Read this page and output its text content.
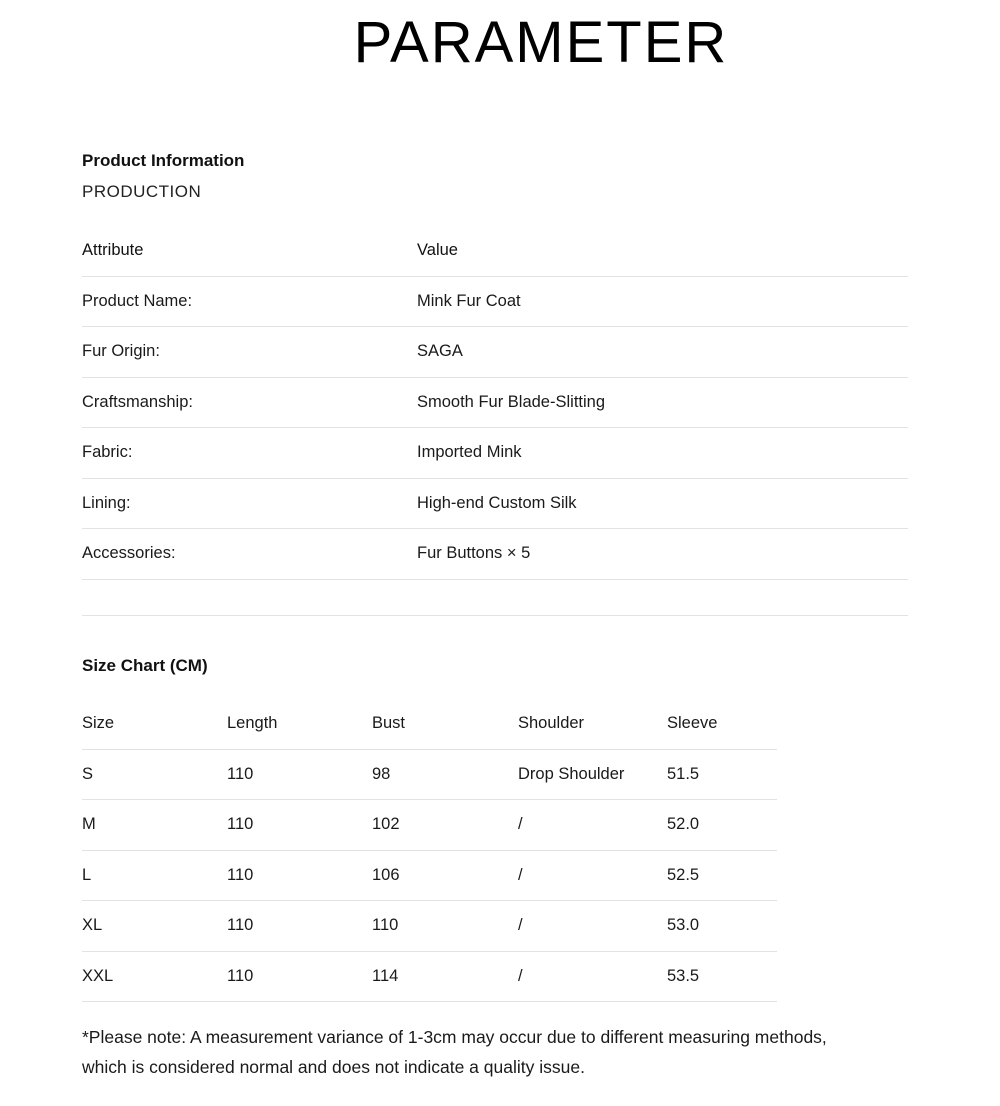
PARAMETER
Product Information
PRODUCTION
Attribute	Value
Product Name:	Mink Fur Coat
Fur Origin:	SAGA
Craftsmanship:	Smooth Fur Blade-Slitting
Fabric:	Imported Mink
Lining:	High-end Custom Silk
Accessories:	Fur Buttons × 5
Size Chart (CM)
Size	Length	Bust	Shoulder	Sleeve
S	110	98	Drop Shoulder	51.5
M	110	102	/	52.0
L	110	106	/	52.5
XL	110	110	/	53.0
XXL	110	114	/	53.5
*Please note: A measurement variance of 1-3cm may occur due to different measuring methods,
which is considered normal and does not indicate a quality issue.
